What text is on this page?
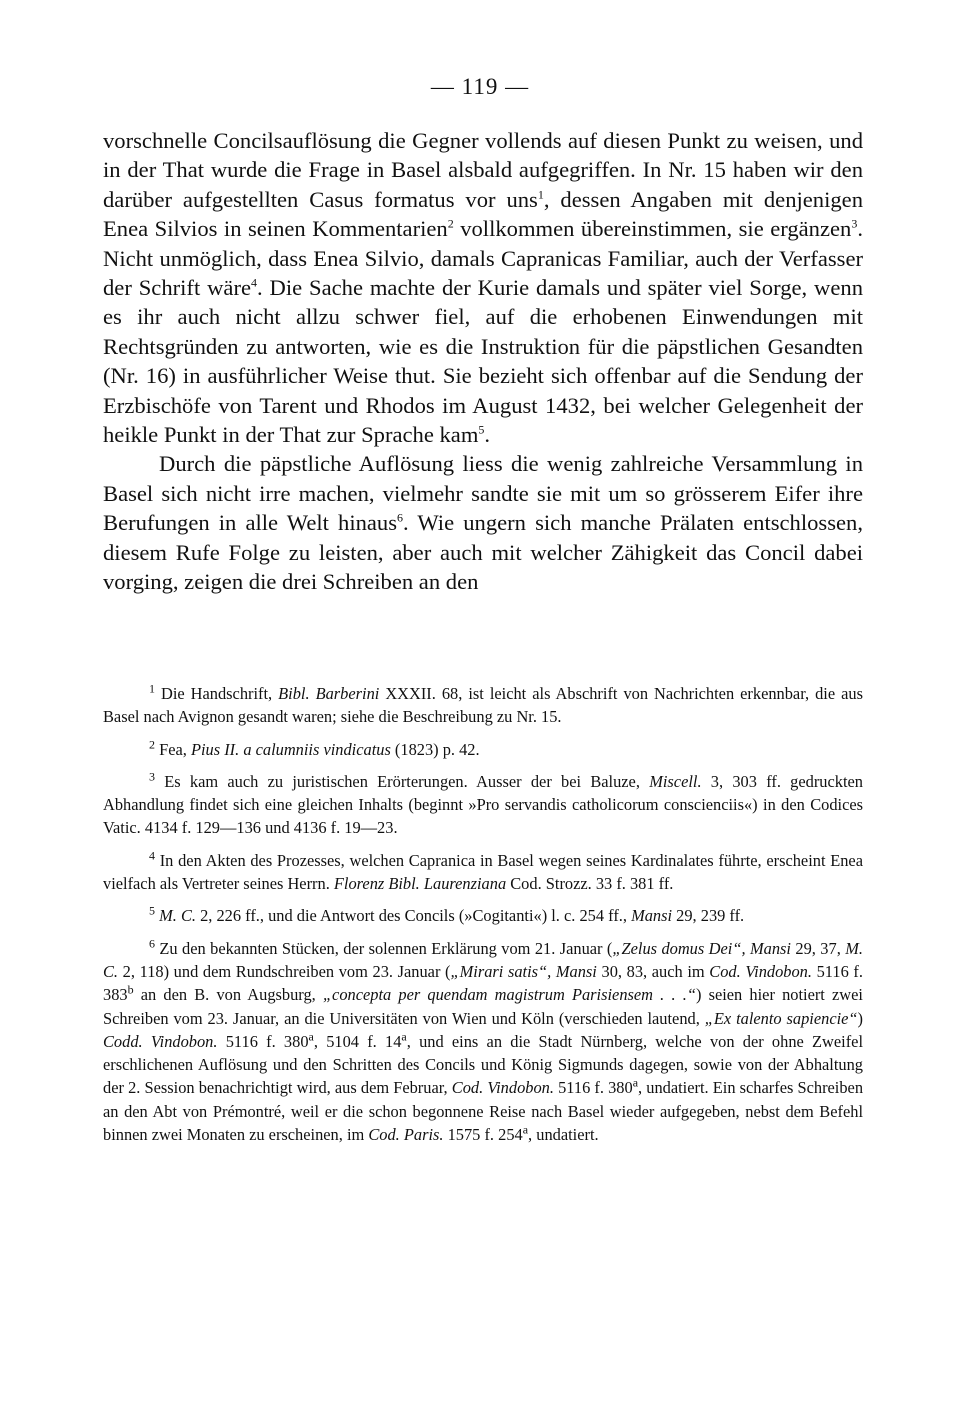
— 119 —

vorschnelle Concilsauflösung die Gegner vollends auf diesen Punkt zu weisen, und in der That wurde die Frage in Basel alsbald aufgegriffen. In Nr. 15 haben wir den darüber aufgestellten Casus formatus vor uns$^1$, dessen Angaben mit denjenigen Enea Silvios in seinen Kommentarien$^2$ vollkommen übereinstimmen, sie ergänzen$^3$. Nicht unmöglich, dass Enea Silvio, damals Capranicas Familiar, auch der Verfasser der Schrift wäre$^4$. Die Sache machte der Kurie damals und später viel Sorge, wenn es ihr auch nicht allzu schwer fiel, auf die erhobenen Einwendungen mit Rechtsgründen zu antworten, wie es die Instruktion für die päpstlichen Gesandten (Nr. 16) in ausführlicher Weise thut. Sie bezieht sich offenbar auf die Sendung der Erzbischöfe von Tarent und Rhodos im August 1432, bei welcher Gelegenheit der heikle Punkt in der That zur Sprache kam$^5$.

Durch die päpstliche Auflösung liess die wenig zahlreiche Versammlung in Basel sich nicht irre machen, vielmehr sandte sie mit um so grösserem Eifer ihre Berufungen in alle Welt hinaus$^6$. Wie ungern sich manche Prälaten entschlossen, diesem Rufe Folge zu leisten, aber auch mit welcher Zähigkeit das Concil dabei vorging, zeigen die drei Schreiben an den

$^1$ Die Handschrift, Bibl. Barberini XXXII. 68, ist leicht als Abschrift von Nachrichten erkennbar, die aus Basel nach Avignon gesandt waren; siehe die Beschreibung zu Nr. 15.

$^2$ Fea, Pius II. a calumniis vindicatus (1823) p. 42.

$^3$ Es kam auch zu juristischen Erörterungen. Ausser der bei Baluze, Miscell. 3, 303 ff. gedruckten Abhandlung findet sich eine gleichen Inhalts (beginnt »Pro servandis catholicorum conscienciis«) in den Codices Vatic. 4134 f. 129—136 und 4136 f. 19—23.

$^4$ In den Akten des Prozesses, welchen Capranica in Basel wegen seines Kardinalates führte, erscheint Enea vielfach als Vertreter seines Herrn. Florenz Bibl. Laurenziana Cod. Strozz. 33 f. 381 ff.

$^5$ M. C. 2, 226 ff., und die Antwort des Concils (»Cogitanti«) l. c. 254 ff., Mansi 29, 239 ff.

$^6$ Zu den bekannten Stücken, der solennen Erklärung vom 21. Januar („Zelus domus Dei“, Mansi 29, 37, M. C. 2, 118) und dem Rundschreiben vom 23. Januar („Mirari satis“, Mansi 30, 83, auch im Cod. Vindobon. 5116 f. 383$^b$ an den B. von Augsburg, „concepta per quendam magistrum Parisiensem . . .“) seien hier notiert zwei Schreiben vom 23. Januar, an die Universitäten von Wien und Köln (verschieden lautend, „Ex talento sapiencie“) Codd. Vindobon. 5116 f. 380$^a$, 5104 f. 14$^a$, und eins an die Stadt Nürnberg, welche von der ohne Zweifel erschlichenen Auflösung und den Schritten des Concils und König Sigmunds dagegen, sowie von der Abhaltung der 2. Session benachrichtigt wird, aus dem Februar, Cod. Vindobon. 5116 f. 380$^a$, undatiert. Ein scharfes Schreiben an den Abt von Prémontré, weil er die schon begonnene Reise nach Basel wieder aufgegeben, nebst dem Befehl binnen zwei Monaten zu erscheinen, im Cod. Paris. 1575 f. 254$^a$, undatiert.
